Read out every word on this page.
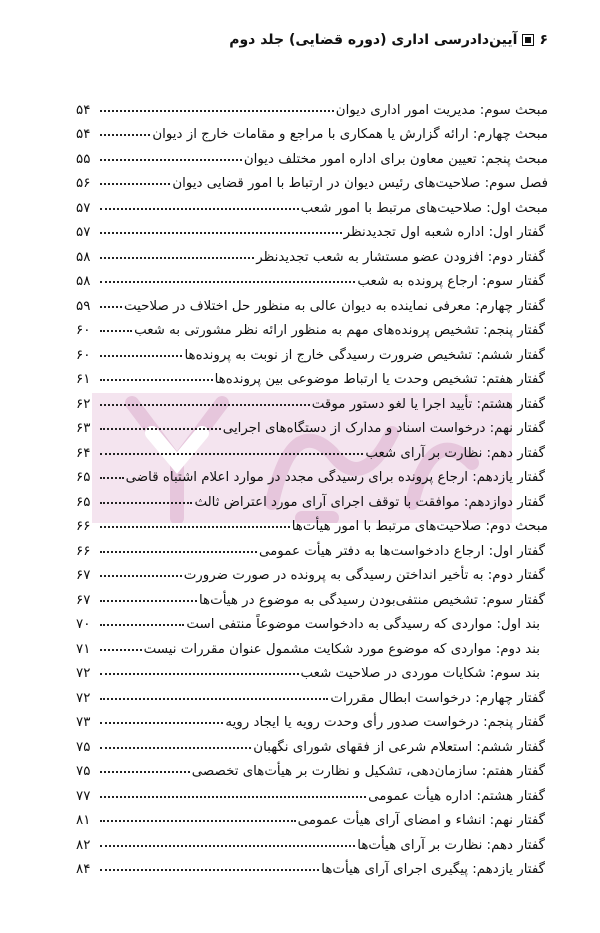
۶
آیین‌دادرسی اداری (دوره قضایی) جلد دوم
مبحث سوم: مدیریت امور اداری دیوان
۵۴
مبحث چهارم: ارائه گزارش یا همکاری با مراجع و مقامات خارج از دیوان
۵۴
مبحث پنجم: تعیین معاون برای اداره امور مختلف دیوان
۵۵
فصل سوم: صلاحیت‌های رئیس دیوان در ارتباط با امور قضایی دیوان
۵۶
مبحث اول: صلاحیت‌های مرتبط با امور شعب
۵۷
گفتار اول: اداره شعبه اول تجدیدنظر
۵۷
گفتار دوم: افزودن عضو مستشار به شعب تجدیدنظر
۵۸
گفتار سوم: ارجاع پرونده به شعب
۵۸
گفتار چهارم: معرفی نماینده به دیوان عالی به منظور حل اختلاف در صلاحیت
۵۹
گفتار پنجم: تشخیص پرونده‌های مهم به منظور ارائه نظر مشورتی به شعب
۶۰
گفتار ششم: تشخیص ضرورت رسیدگی خارج از نوبت به پرونده‌ها
۶۰
گفتار هفتم: تشخیص وحدت یا ارتباط موضوعی بین پرونده‌ها
۶۱
گفتار هشتم: تأیید اجرا یا لغو دستور موقت
۶۲
گفتار نهم: درخواست اسناد و مدارک از دستگاه‌های اجرایی
۶۳
گفتار دهم: نظارت بر آرای شعب
۶۴
گفتار یازدهم: ارجاع پرونده برای رسیدگی مجدد در موارد اعلام اشتباه قاضی
۶۵
گفتار دوازدهم: موافقت با توقف اجرای آرای مورد اعتراض ثالث
۶۵
مبحث دوم: صلاحیت‌های مرتبط با امور هیأت‌ها
۶۶
گفتار اول: ارجاع دادخواست‌ها به دفتر هیأت عمومی
۶۶
گفتار دوم: به تأخیر انداختن رسیدگی به پرونده در صورت ضرورت
۶۷
گفتار سوم: تشخیص منتفی‌بودن رسیدگی به موضوع در هیأت‌ها
۶۷
بند اول: مواردی که رسیدگی به دادخواست موضوعاً منتفی است
۷۰
بند دوم: مواردی که موضوع مورد شکایت مشمول عنوان مقررات نیست
۷۱
بند سوم: شکایات موردی در صلاحیت شعب
۷۲
گفتار چهارم: درخواست ابطال مقررات
۷۲
گفتار پنجم: درخواست صدور رأی وحدت رویه یا ایجاد رویه
۷۳
گفتار ششم: استعلام شرعی از فقهای شورای نگهبان
۷۵
گفتار هفتم: سازمان‌دهی، تشکیل و نظارت بر هیأت‌های تخصصی
۷۵
گفتار هشتم: اداره هیأت عمومی
۷۷
گفتار نهم: انشاء و امضای آرای هیأت عمومی
۸۱
گفتار دهم: نظارت بر آرای هیأت‌ها
۸۲
گفتار یازدهم: پیگیری اجرای آرای هیأت‌ها
۸۴
